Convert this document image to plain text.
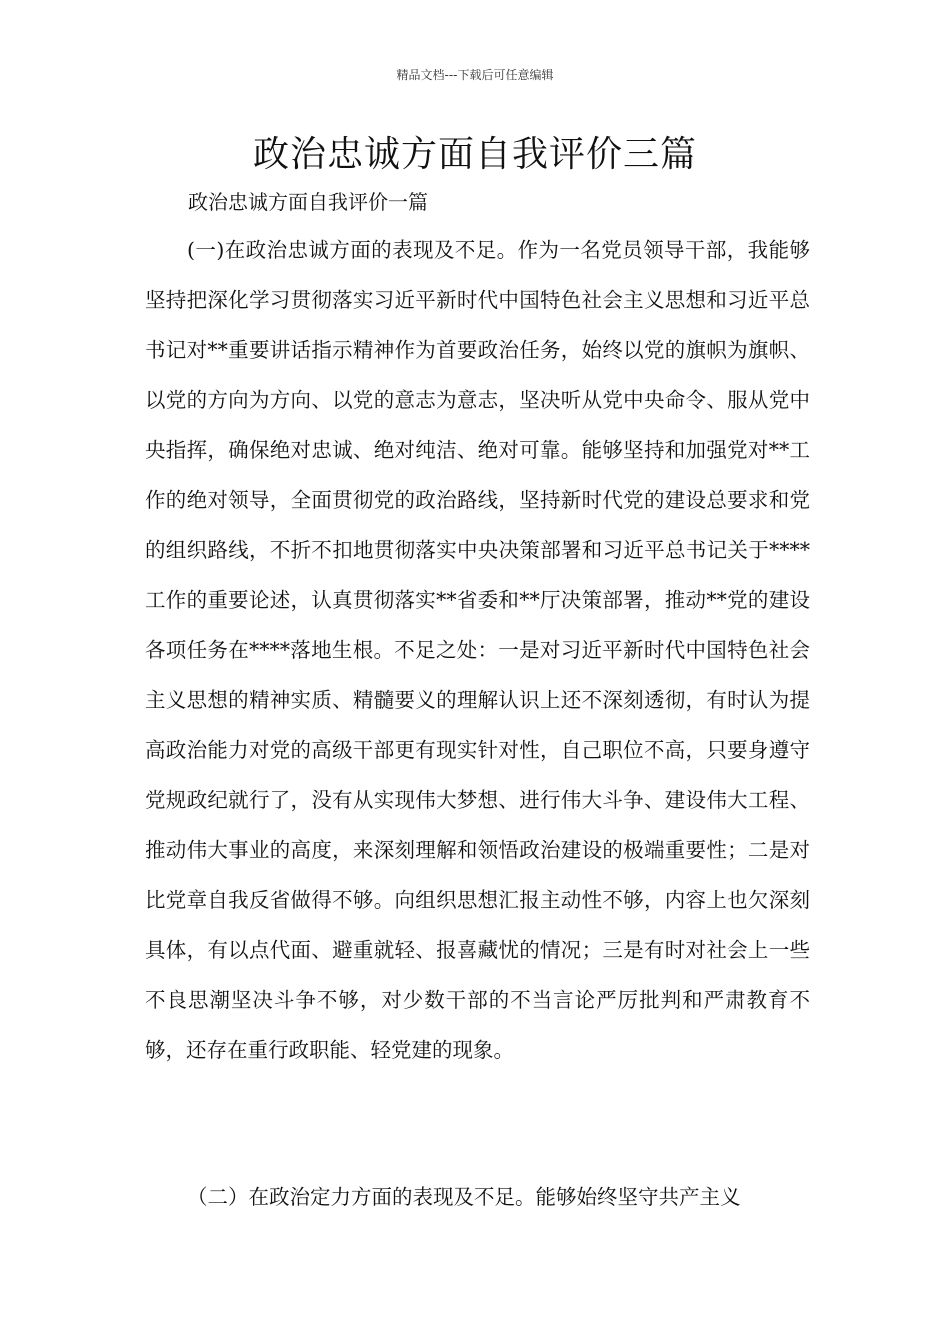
精品文档---下载后可任意编辑
政治忠诚方面自我评价三篇
政治忠诚方面自我评价一篇

(一)在政治忠诚方面的表现及不足。作为一名党员领导干部，我能够坚持把深化学习贯彻落实习近平新时代中国特色社会主义思想和习近平总书记对**重要讲话指示精神作为首要政治任务，始终以党的旗帜为旗帜、以党的方向为方向、以党的意志为意志，坚决听从党中央命令、服从党中央指挥，确保绝对忠诚、绝对纯洁、绝对可靠。能够坚持和加强党对**工作的绝对领导，全面贯彻党的政治路线，坚持新时代党的建设总要求和党的组织路线，不折不扣地贯彻落实中央决策部署和习近平总书记关于****工作的重要论述，认真贯彻落实**省委和**厅决策部署，推动**党的建设各项任务在****落地生根。不足之处：一是对习近平新时代中国特色社会主义思想的精神实质、精髓要义的理解认识上还不深刻透彻，有时认为提高政治能力对党的高级干部更有现实针对性，自己职位不高，只要身遵守党规政纪就行了，没有从实现伟大梦想、进行伟大斗争、建设伟大工程、推动伟大事业的高度，来深刻理解和领悟政治建设的极端重要性；二是对比党章自我反省做得不够。向组织思想汇报主动性不够，内容上也欠深刻具体，有以点代面、避重就轻、报喜藏忧的情况；三是有时对社会上一些不良思潮坚决斗争不够，对少数干部的不当言论严厉批判和严肃教育不够，还存在重行政职能、轻党建的现象。

（二）在政治定力方面的表现及不足。能够始终坚守共产主义
